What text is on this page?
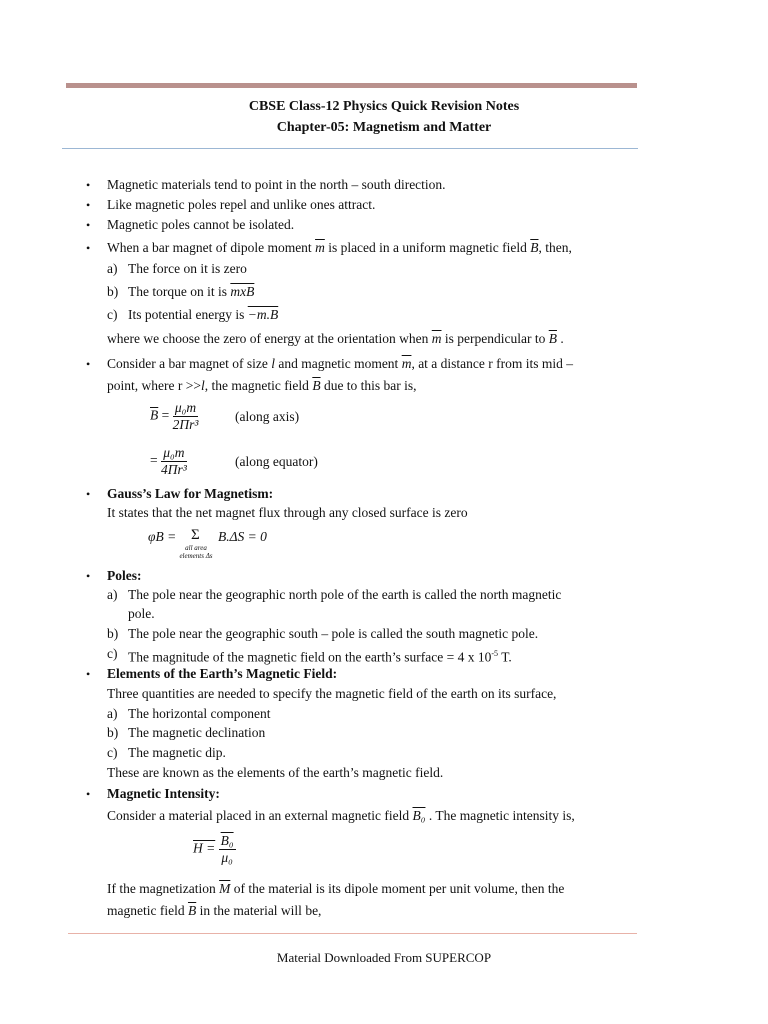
CBSE Class-12 Physics Quick Revision Notes
Chapter-05: Magnetism and Matter
• Magnetic materials tend to point in the north – south direction.
• Like magnetic poles repel and unlike ones attract.
• Magnetic poles cannot be isolated.
• When a bar magnet of dipole moment $\overline{m}$ is placed in a uniform magnetic field $\overline{B}$, then,
a) The force on it is zero
b) The torque on it is $\overline{mxB}$
c) Its potential energy is −m.B
where we choose the zero of energy at the orientation when $\overline{m}$ is perpendicular to $\overline{B}$ .
• Consider a bar magnet of size l and magnetic moment $\overline{m}$, at a distance r from its mid –
point, where r >>l, the magnetic field $\overline{B}$ due to this bar is,
$\overline{B} = \frac{\text{μ₀m}}{\text{2Πr³}}$	(along axis)
= $\frac{\text{μ₀m}}{\text{4Πr³}}$	(along equator)
• Gauss’s Law for Magnetism:
It states that the net magnet flux through any closed surface is zero
φB = Σ
all area
elements Δs
B.ΔS = 0
• Poles:
a) The pole near the geographic north pole of the earth is called the north magnetic
pole.
b) The pole near the geographic south – pole is called the south magnetic pole.
c) The magnitude of the magnetic field on the earth’s surface = 4 x $10^{-5}$ T.
• Elements of the Earth’s Magnetic Field:
Three quantities are needed to specify the magnetic field of the earth on its surface,
a) The horizontal component
b) The magnetic declination
c) The magnetic dip.
These are known as the elements of the earth’s magnetic field.
• Magnetic Intensity:
Consider a material placed in an external magnetic field B₀ . The magnetic intensity is,
$H = \frac{\text{B₀}}{\text{μ₀}}$
If the magnetization $\overline{M}$ of the material is its dipole moment per unit volume, then the
magnetic field $\overline{B}$ in the material will be,
Material Downloaded From SUPERCOP
